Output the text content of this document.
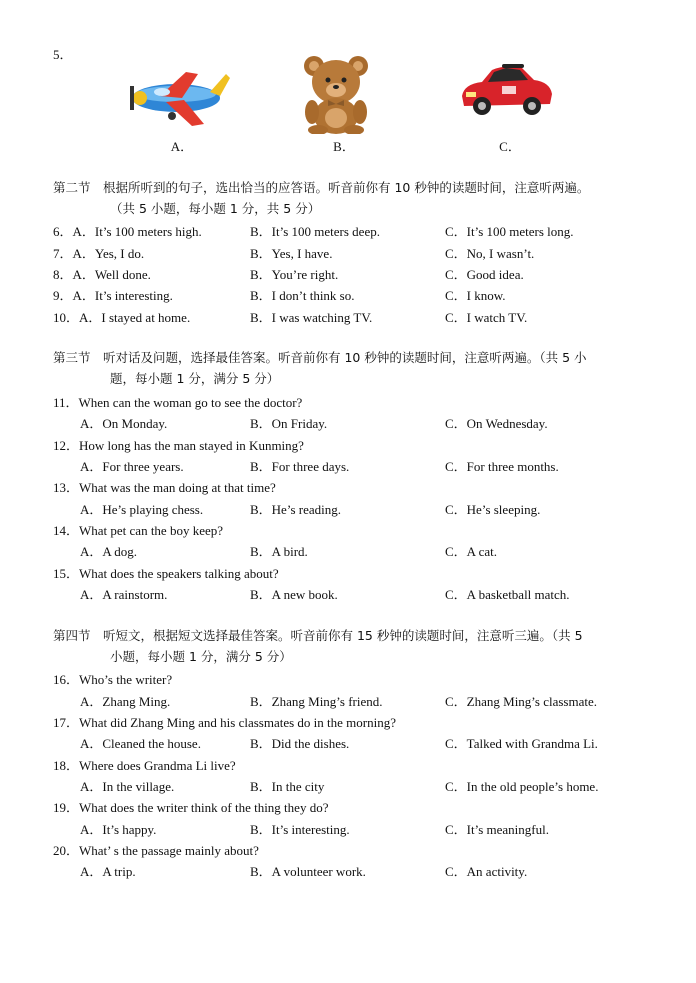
5．
A．	B．	C．
第二节　根据所听到的句子，选出恰当的应答语。听音前你有 10 秒钟的读题时间，注意听两遍。
（共 5 小题，每小题 1 分，共 5 分）
6．A．It’s 100 meters high.	B．It’s 100 meters deep.	C．It’s 100 meters long.
7．A．Yes, I do.	B．Yes, I have.	C．No, I wasn’t.
8．A．Well done.	B．You’re right.	C．Good idea.
9．A．It’s interesting.	B．I don’t think so.	C．I know.
10．A．I stayed at home.	B．I was watching TV.	C．I watch TV.
第三节　听对话及问题，选择最佳答案。听音前你有 10 秒钟的读题时间，注意听两遍。（共 5 小
题，每小题 1 分，满分 5 分）
11．When can the woman go to see the doctor?
A．On Monday.	B．On Friday.	C．On Wednesday.
12．How long has the man stayed in Kunming?
A．For three years.	B．For three days.	C．For three months.
13．What was the man doing at that time?
A．He’s playing chess.	B．He’s reading.	C．He’s sleeping.
14．What pet can the boy keep?
A．A dog.	B．A bird.	C．A cat.
15．What does the speakers talking about?
A．A rainstorm.	B．A new book.	C．A basketball match.
第四节　听短文，根据短文选择最佳答案。听音前你有 15 秒钟的读题时间，注意听三遍。（共 5
小题，每小题 1 分，满分 5 分）
16．Who’s the writer?
A．Zhang Ming.	B．Zhang Ming’s friend.	C．Zhang Ming’s classmate.
17．What did Zhang Ming and his classmates do in the morning?
A．Cleaned the house.	B．Did the dishes.	C．Talked with Grandma Li.
18．Where does Grandma Li live?
A．In the village.	B．In the city	C．In the old people’s home.
19．What does the writer think of the thing they do?
A．It’s happy.	B．It’s interesting.	C．It’s meaningful.
20．What’ s the passage mainly about?
A．A trip.	B．A volunteer work.	C．An activity.
